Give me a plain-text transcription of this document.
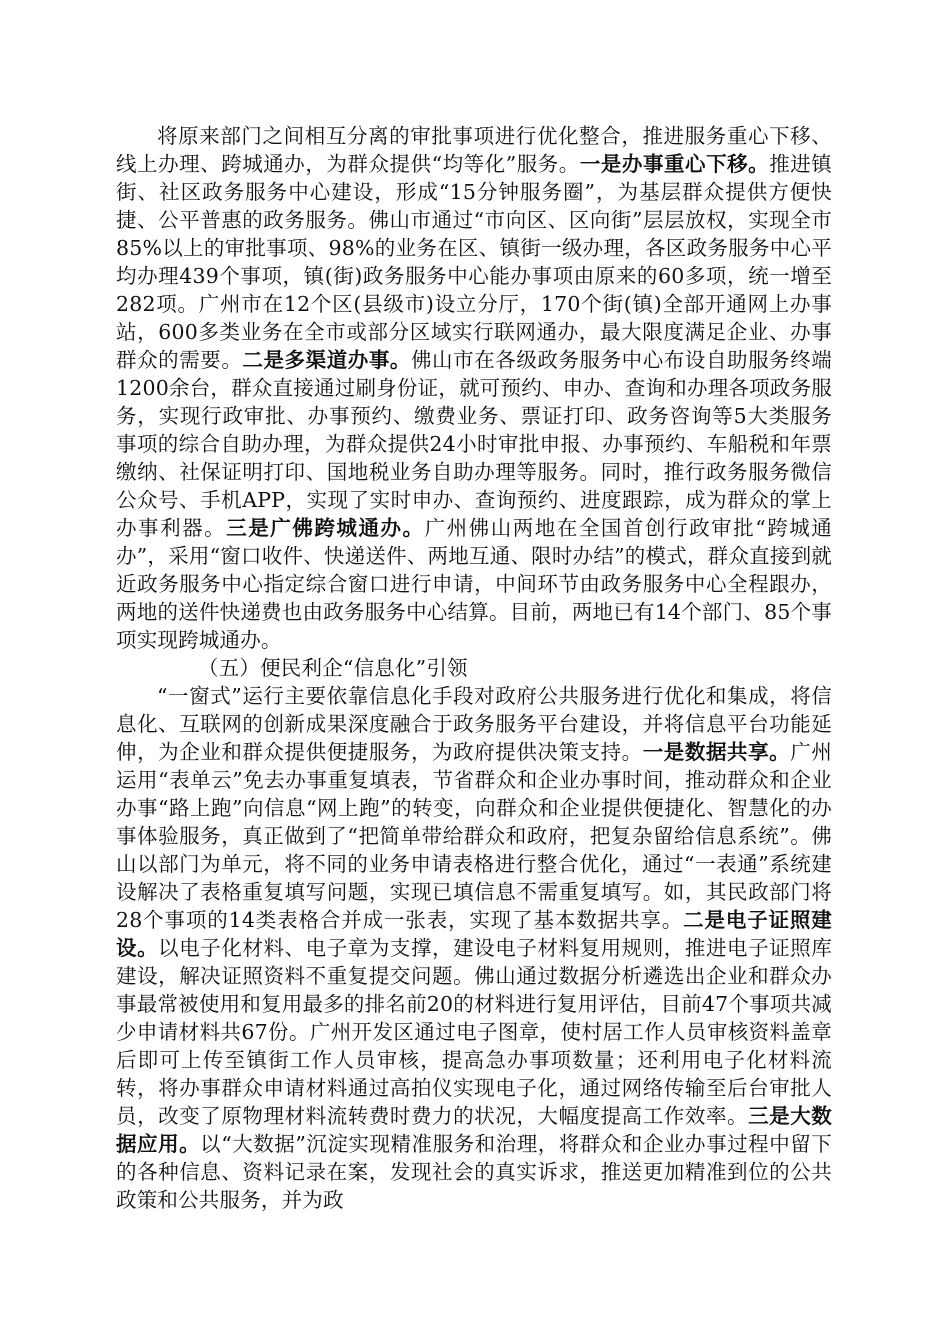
将原来部门之间相互分离的审批事项进行优化整合，推进服务重心下移、线上办理、跨城通办，为群众提供“均等化”服务。一是办事重心下移。推进镇街、社区政务服务中心建设，形成“15分钟服务圈”，为基层群众提供方便快捷、公平普惠的政务服务。佛山市通过“市向区、区向街”层层放权，实现全市85%以上的审批事项、98%的业务在区、镇街一级办理，各区政务服务中心平均办理439个事项，镇(街)政务服务中心能办事项由原来的60多项，统一增至282项。广州市在12个区(县级市)设立分厅，170个街(镇)全部开通网上办事站，600多类业务在全市或部分区域实行联网通办，最大限度满足企业、办事群众的需要。二是多渠道办事。佛山市在各级政务服务中心布设自助服务终端1200余台，群众直接通过刷身份证，就可预约、申办、查询和办理各项政务服务，实现行政审批、办事预约、缴费业务、票证打印、政务咨询等5大类服务事项的综合自助办理，为群众提供24小时审批申报、办事预约、车船税和年票缴纳、社保证明打印、国地税业务自助办理等服务。同时，推行政务服务微信公众号、手机APP，实现了实时申办、查询预约、进度跟踪，成为群众的掌上办事利器。三是广佛跨城通办。广州佛山两地在全国首创行政审批“跨城通办”，采用“窗口收件、快递送件、两地互通、限时办结”的模式，群众直接到就近政务服务中心指定综合窗口进行申请，中间环节由政务服务中心全程跟办，两地的送件快递费也由政务服务中心结算。目前，两地已有14个部门、85个事项实现跨城通办。

（五）便民利企“信息化”引领

“一窗式”运行主要依靠信息化手段对政府公共服务进行优化和集成，将信息化、互联网的创新成果深度融合于政务服务平台建设，并将信息平台功能延伸，为企业和群众提供便捷服务，为政府提供决策支持。一是数据共享。广州运用“表单云”免去办事重复填表，节省群众和企业办事时间，推动群众和企业办事“路上跑”向信息“网上跑”的转变，向群众和企业提供便捷化、智慧化的办事体验服务，真正做到了“把简单带给群众和政府，把复杂留给信息系统”。佛山以部门为单元，将不同的业务申请表格进行整合优化，通过“一表通”系统建设解决了表格重复填写问题，实现已填信息不需重复填写。如，其民政部门将28个事项的14类表格合并成一张表，实现了基本数据共享。二是电子证照建设。以电子化材料、电子章为支撑，建设电子材料复用规则，推进电子证照库建设，解决证照资料不重复提交问题。佛山通过数据分析遴选出企业和群众办事最常被使用和复用最多的排名前20的材料进行复用评估，目前47个事项共减少申请材料共67份。广州开发区通过电子图章，使村居工作人员审核资料盖章后即可上传至镇街工作人员审核，提高急办事项数量；还利用电子化材料流转，将办事群众申请材料通过高拍仪实现电子化，通过网络传输至后台审批人员，改变了原物理材料流转费时费力的状况，大幅度提高工作效率。三是大数据应用。以“大数据”沉淀实现精准服务和治理，将群众和企业办事过程中留下的各种信息、资料记录在案，发现社会的真实诉求，推送更加精准到位的公共政策和公共服务，并为政
